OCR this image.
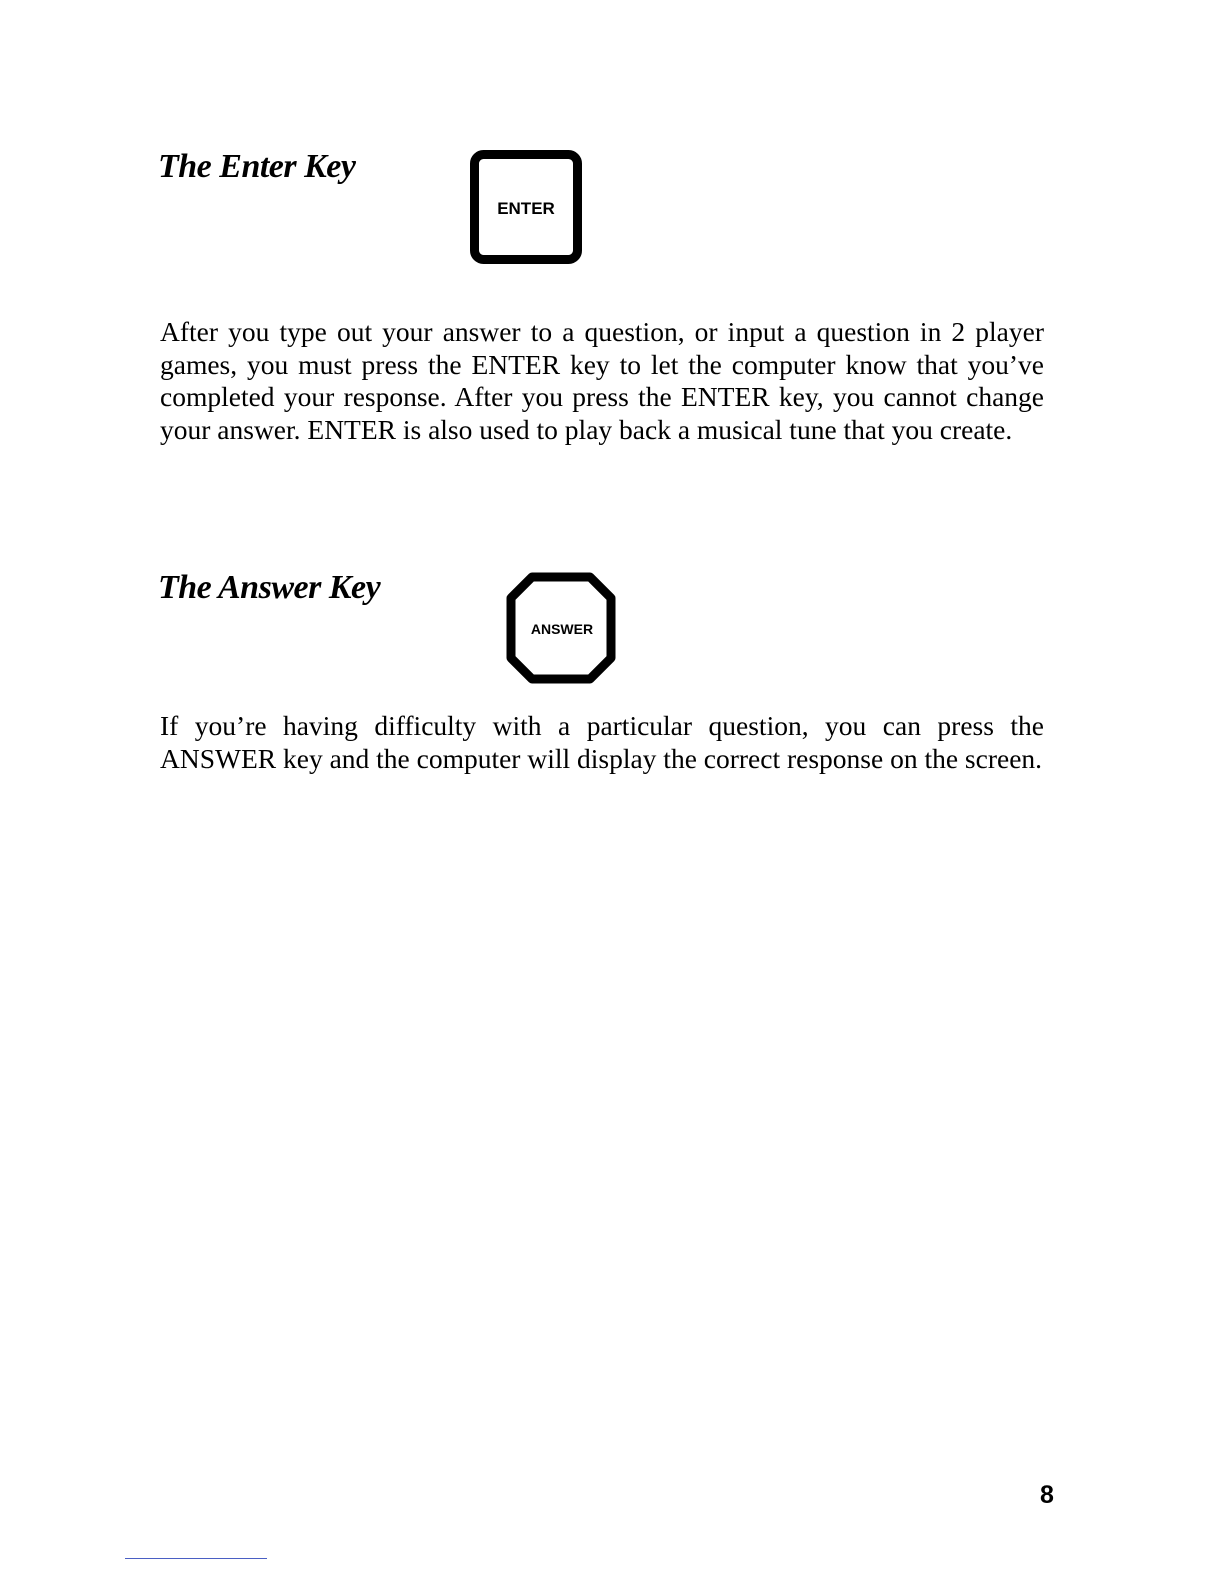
The Enter Key
ENTER

After you type out your answer to a question, or input a question in 2 player games, you must press the ENTER key to let the computer know that you’ve completed your response. After you press the ENTER key, you cannot change your answer. ENTER is also used to play back a musical tune that you create.

The Answer Key
ANSWER

If you’re having difficulty with a particular question, you can press the ANSWER key and the computer will display the correct response on the screen.

8
